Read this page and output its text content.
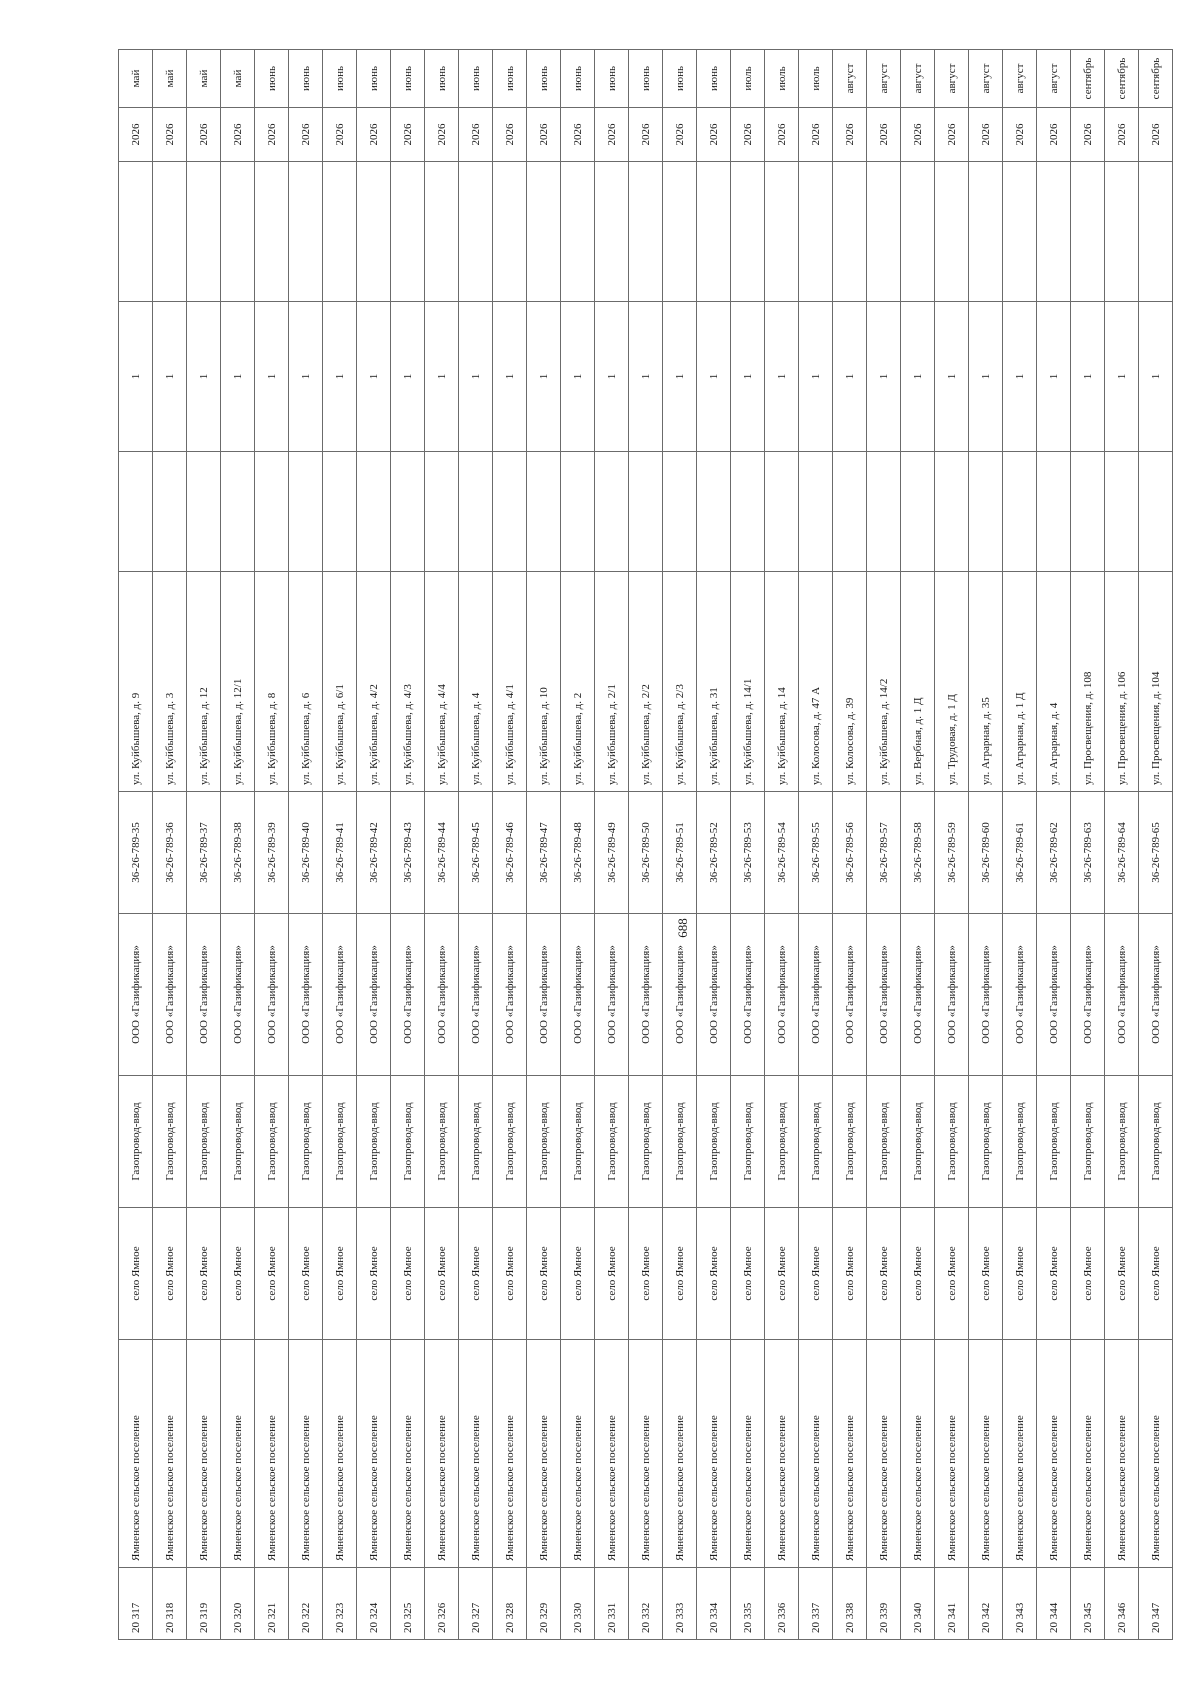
688
20 317	Ямненское сельское поселение	село Ямное	Газопровод-ввод	ООО «Газификация»	36-26-789-35	ул. Куйбышева, д. 9		1		2026	май
20 318	Ямненское сельское поселение	село Ямное	Газопровод-ввод	ООО «Газификация»	36-26-789-36	ул. Куйбышева, д. 3		1		2026	май
20 319	Ямненское сельское поселение	село Ямное	Газопровод-ввод	ООО «Газификация»	36-26-789-37	ул. Куйбышева, д. 12		1		2026	май
20 320	Ямненское сельское поселение	село Ямное	Газопровод-ввод	ООО «Газификация»	36-26-789-38	ул. Куйбышева, д. 12/1		1		2026	май
20 321	Ямненское сельское поселение	село Ямное	Газопровод-ввод	ООО «Газификация»	36-26-789-39	ул. Куйбышева, д. 8		1		2026	июнь
20 322	Ямненское сельское поселение	село Ямное	Газопровод-ввод	ООО «Газификация»	36-26-789-40	ул. Куйбышева, д. 6		1		2026	июнь
20 323	Ямненское сельское поселение	село Ямное	Газопровод-ввод	ООО «Газификация»	36-26-789-41	ул. Куйбышева, д. 6/1		1		2026	июнь
20 324	Ямненское сельское поселение	село Ямное	Газопровод-ввод	ООО «Газификация»	36-26-789-42	ул. Куйбышева, д. 4/2		1		2026	июнь
20 325	Ямненское сельское поселение	село Ямное	Газопровод-ввод	ООО «Газификация»	36-26-789-43	ул. Куйбышева, д. 4/3		1		2026	июнь
20 326	Ямненское сельское поселение	село Ямное	Газопровод-ввод	ООО «Газификация»	36-26-789-44	ул. Куйбышева, д. 4/4		1		2026	июнь
20 327	Ямненское сельское поселение	село Ямное	Газопровод-ввод	ООО «Газификация»	36-26-789-45	ул. Куйбышева, д. 4		1		2026	июнь
20 328	Ямненское сельское поселение	село Ямное	Газопровод-ввод	ООО «Газификация»	36-26-789-46	ул. Куйбышева, д. 4/1		1		2026	июнь
20 329	Ямненское сельское поселение	село Ямное	Газопровод-ввод	ООО «Газификация»	36-26-789-47	ул. Куйбышева, д. 10		1		2026	июнь
20 330	Ямненское сельское поселение	село Ямное	Газопровод-ввод	ООО «Газификация»	36-26-789-48	ул. Куйбышева, д. 2		1		2026	июнь
20 331	Ямненское сельское поселение	село Ямное	Газопровод-ввод	ООО «Газификация»	36-26-789-49	ул. Куйбышева, д. 2/1		1		2026	июнь
20 332	Ямненское сельское поселение	село Ямное	Газопровод-ввод	ООО «Газификация»	36-26-789-50	ул. Куйбышева, д. 2/2		1		2026	июнь
20 333	Ямненское сельское поселение	село Ямное	Газопровод-ввод	ООО «Газификация»	36-26-789-51	ул. Куйбышева, д. 2/3		1		2026	июнь
20 334	Ямненское сельское поселение	село Ямное	Газопровод-ввод	ООО «Газификация»	36-26-789-52	ул. Куйбышева, д. 31		1		2026	июнь
20 335	Ямненское сельское поселение	село Ямное	Газопровод-ввод	ООО «Газификация»	36-26-789-53	ул. Куйбышева, д. 14/1		1		2026	июль
20 336	Ямненское сельское поселение	село Ямное	Газопровод-ввод	ООО «Газификация»	36-26-789-54	ул. Куйбышева, д. 14		1		2026	июль
20 337	Ямненское сельское поселение	село Ямное	Газопровод-ввод	ООО «Газификация»	36-26-789-55	ул. Колосова, д. 47 А		1		2026	июль
20 338	Ямненское сельское поселение	село Ямное	Газопровод-ввод	ООО «Газификация»	36-26-789-56	ул. Колосова, д. 39		1		2026	август
20 339	Ямненское сельское поселение	село Ямное	Газопровод-ввод	ООО «Газификация»	36-26-789-57	ул. Куйбышева, д. 14/2		1		2026	август
20 340	Ямненское сельское поселение	село Ямное	Газопровод-ввод	ООО «Газификация»	36-26-789-58	ул. Вербная, д. 1 Д		1		2026	август
20 341	Ямненское сельское поселение	село Ямное	Газопровод-ввод	ООО «Газификация»	36-26-789-59	ул. Трудовая, д. 1 Д		1		2026	август
20 342	Ямненское сельское поселение	село Ямное	Газопровод-ввод	ООО «Газификация»	36-26-789-60	ул. Аграрная, д. 35		1		2026	август
20 343	Ямненское сельское поселение	село Ямное	Газопровод-ввод	ООО «Газификация»	36-26-789-61	ул. Аграрная, д. 1 Д		1		2026	август
20 344	Ямненское сельское поселение	село Ямное	Газопровод-ввод	ООО «Газификация»	36-26-789-62	ул. Аграрная, д. 4		1		2026	август
20 345	Ямненское сельское поселение	село Ямное	Газопровод-ввод	ООО «Газификация»	36-26-789-63	ул. Просвещения, д. 108		1		2026	сентябрь
20 346	Ямненское сельское поселение	село Ямное	Газопровод-ввод	ООО «Газификация»	36-26-789-64	ул. Просвещения, д. 106		1		2026	сентябрь
20 347	Ямненское сельское поселение	село Ямное	Газопровод-ввод	ООО «Газификация»	36-26-789-65	ул. Просвещения, д. 104		1		2026	сентябрь
